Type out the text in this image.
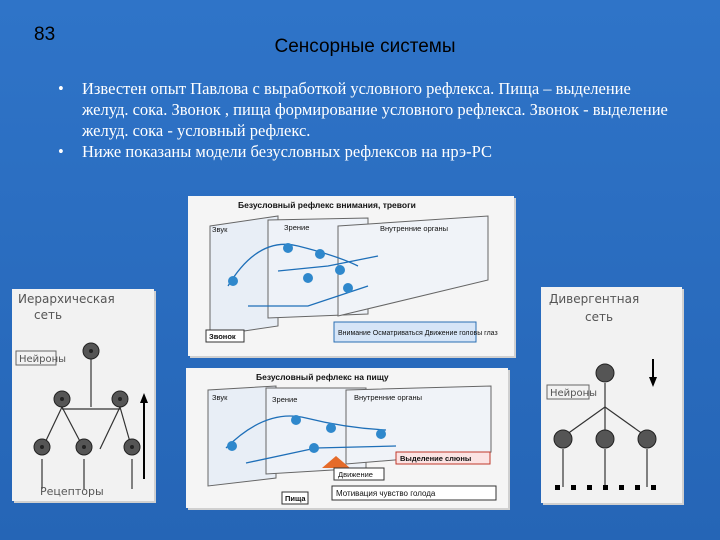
83
Сенсорные системы
• Известен опыт Павлова с выработкой условного рефлекса. Пища – выделение желуд. сока. Звонок , пища формирование условного рефлекса. Звонок - выделение желуд. сока - условный рефлекс.
• Ниже показаны модели безусловных рефлексов на нрэ-РС
Иерархическая
сеть
Нейроны
Рецепторы
Безусловный рефлекс внимания, тревоги
Звук	Зрение	Внутренние органы
Звонок	Внимание Осматриваться Движение головы глаз
Безусловный рефлекс на пищу
Звук	Зрение	Внутренние органы
Выделение слюны
Движение
Пища
Мотивация чувство голода
Дивергентная
сеть
Нейроны
